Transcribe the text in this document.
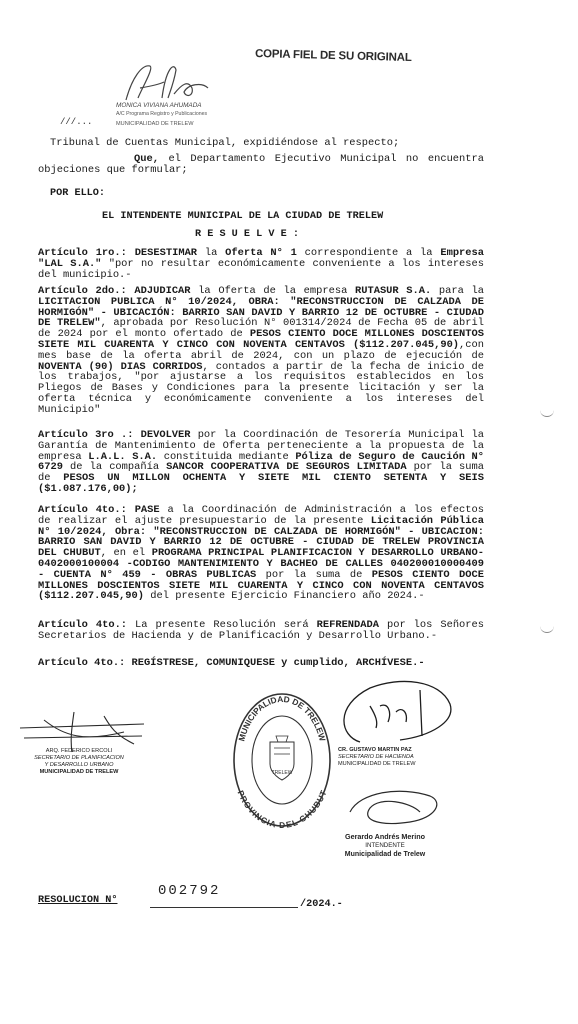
COPIA FIEL DE SU ORIGINAL
MONICA VIVIANA AHUMADA
A/C Programa Registro y Publicaciones
MUNICIPALIDAD DE TRELEW
///...
Tribunal de Cuentas Municipal, expidiéndose al respecto;

Que, el Departamento Ejecutivo Municipal no encuentra objeciones que formular;

POR ELLO:
EL INTENDENTE MUNICIPAL DE LA CIUDAD DE TRELEW
R E S U E L V E :

Artículo 1ro.: DESESTIMAR la Oferta N° 1 correspondiente a la Empresa "LAL S.A." "por no resultar económicamente conveniente a los intereses del municipio.-

Artículo 2do.: ADJUDICAR la Oferta de la empresa RUTASUR S.A. para la LICITACION PUBLICA N° 10/2024, OBRA: "RECONSTRUCCION DE CALZADA DE HORMIGÓN" - UBICACIÓN: BARRIO SAN DAVID Y BARRIO 12 DE OCTUBRE - CIUDAD DE TRELEW", aprobada por Resolución N° 001314/2024 de Fecha 05 de abril de 2024 por el monto ofertado de PESOS CIENTO DOCE MILLONES DOSCIENTOS SIETE MIL CUARENTA Y CINCO CON NOVENTA CENTAVOS ($112.207.045,90),con mes base de la oferta abril de 2024, con un plazo de ejecución de NOVENTA (90) DIAS CORRIDOS, contados a partir de la fecha de inicio de los trabajos, "por ajustarse a los requisitos establecidos en los Pliegos de Bases y Condiciones para la presente licitación y ser la oferta técnica y económicamente conveniente a los intereses del Municipio"

Artículo 3ro .: DEVOLVER por la Coordinación de Tesorería Municipal la Garantía de Mantenimiento de Oferta perteneciente a la propuesta de la empresa L.A.L. S.A. constituida mediante Póliza de Seguro de Caución N° 6729 de la compañía SANCOR COOPERATIVA DE SEGUROS LIMITADA por la suma de PESOS UN MILLON OCHENTA Y SIETE MIL CIENTO SETENTA Y SEIS ($1.087.176,00);

Artículo 4to.: PASE a la Coordinación de Administración a los efectos de realizar el ajuste presupuestario de la presente Licitación Pública N° 10/2024, Obra: "RECONSTRUCCION DE CALZADA DE HORMIGÓN" - UBICACION: BARRIO SAN DAVID Y BARRIO 12 DE OCTUBRE - CIUDAD DE TRELEW PROVINCIA DEL CHUBUT, en el PROGRAMA PRINCIPAL PLANIFICACION Y DESARROLLO URBANO- 0402000100004 -CODIGO MANTENIMIENTO Y BACHEO DE CALLES 040200010000409 - CUENTA N° 459 - OBRAS PUBLICAS por la suma de PESOS CIENTO DOCE MILLONES DOSCIENTOS SIETE MIL CUARENTA Y CINCO CON NOVENTA CENTAVOS ($112.207.045,90) del presente Ejercicio Financiero año 2024.-

Artículo 4to.: La presente Resolución será REFRENDADA por los Señores Secretarios de Hacienda y de Planificación y Desarrollo Urbano.-

Artículo 4to.: REGÍSTRESE, COMUNIQUESE y cumplido, ARCHÍVESE.-

ARQ. FEDERICO ERCOLI
SECRETARIO DE PLANIFICACION
Y DESARROLLO URBANO
MUNICIPALIDAD DE TRELEW
MUNICIPALIDAD DE TRELEW
PROVINCIA DEL CHUBUT
TRELEW
CR. GUSTAVO MARTIN PAZ
SECRETARIO DE HACIENDA
MUNICIPALIDAD DE TRELEW
Gerardo Andrés Merino
INTENDENTE
Municipalidad de Trelew
RESOLUCION N°
002792
/2024.-
